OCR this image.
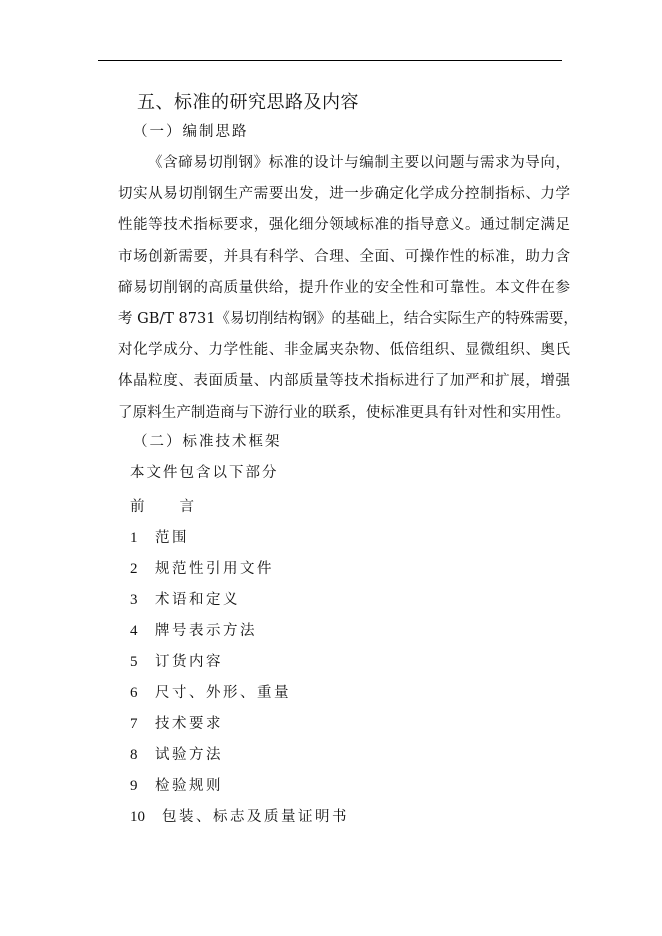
五、标准的研究思路及内容
（一）编制思路
《含碲易切削钢》标准的设计与编制主要以问题与需求为导向，
切实从易切削钢生产需要出发，进一步确定化学成分控制指标、力学
性能等技术指标要求，强化细分领域标准的指导意义。通过制定满足
市场创新需要，并具有科学、合理、全面、可操作性的标准，助力含
碲易切削钢的高质量供给，提升作业的安全性和可靠性。本文件在参
考 GB/T 8731《易切削结构钢》的基础上，结合实际生产的特殊需要，
对化学成分、力学性能、非金属夹杂物、低倍组织、显微组织、奥氏
体晶粒度、表面质量、内部质量等技术指标进行了加严和扩展，增强
了原料生产制造商与下游行业的联系，使标准更具有针对性和实用性。
（二）标准技术框架
本文件包含以下部分
前 言
1	范围
2	规范性引用文件
3	术语和定义
4	牌号表示方法
5	订货内容
6	尺寸、外形、重量
7	技术要求
8	试验方法
9	检验规则
10	包装、标志及质量证明书
